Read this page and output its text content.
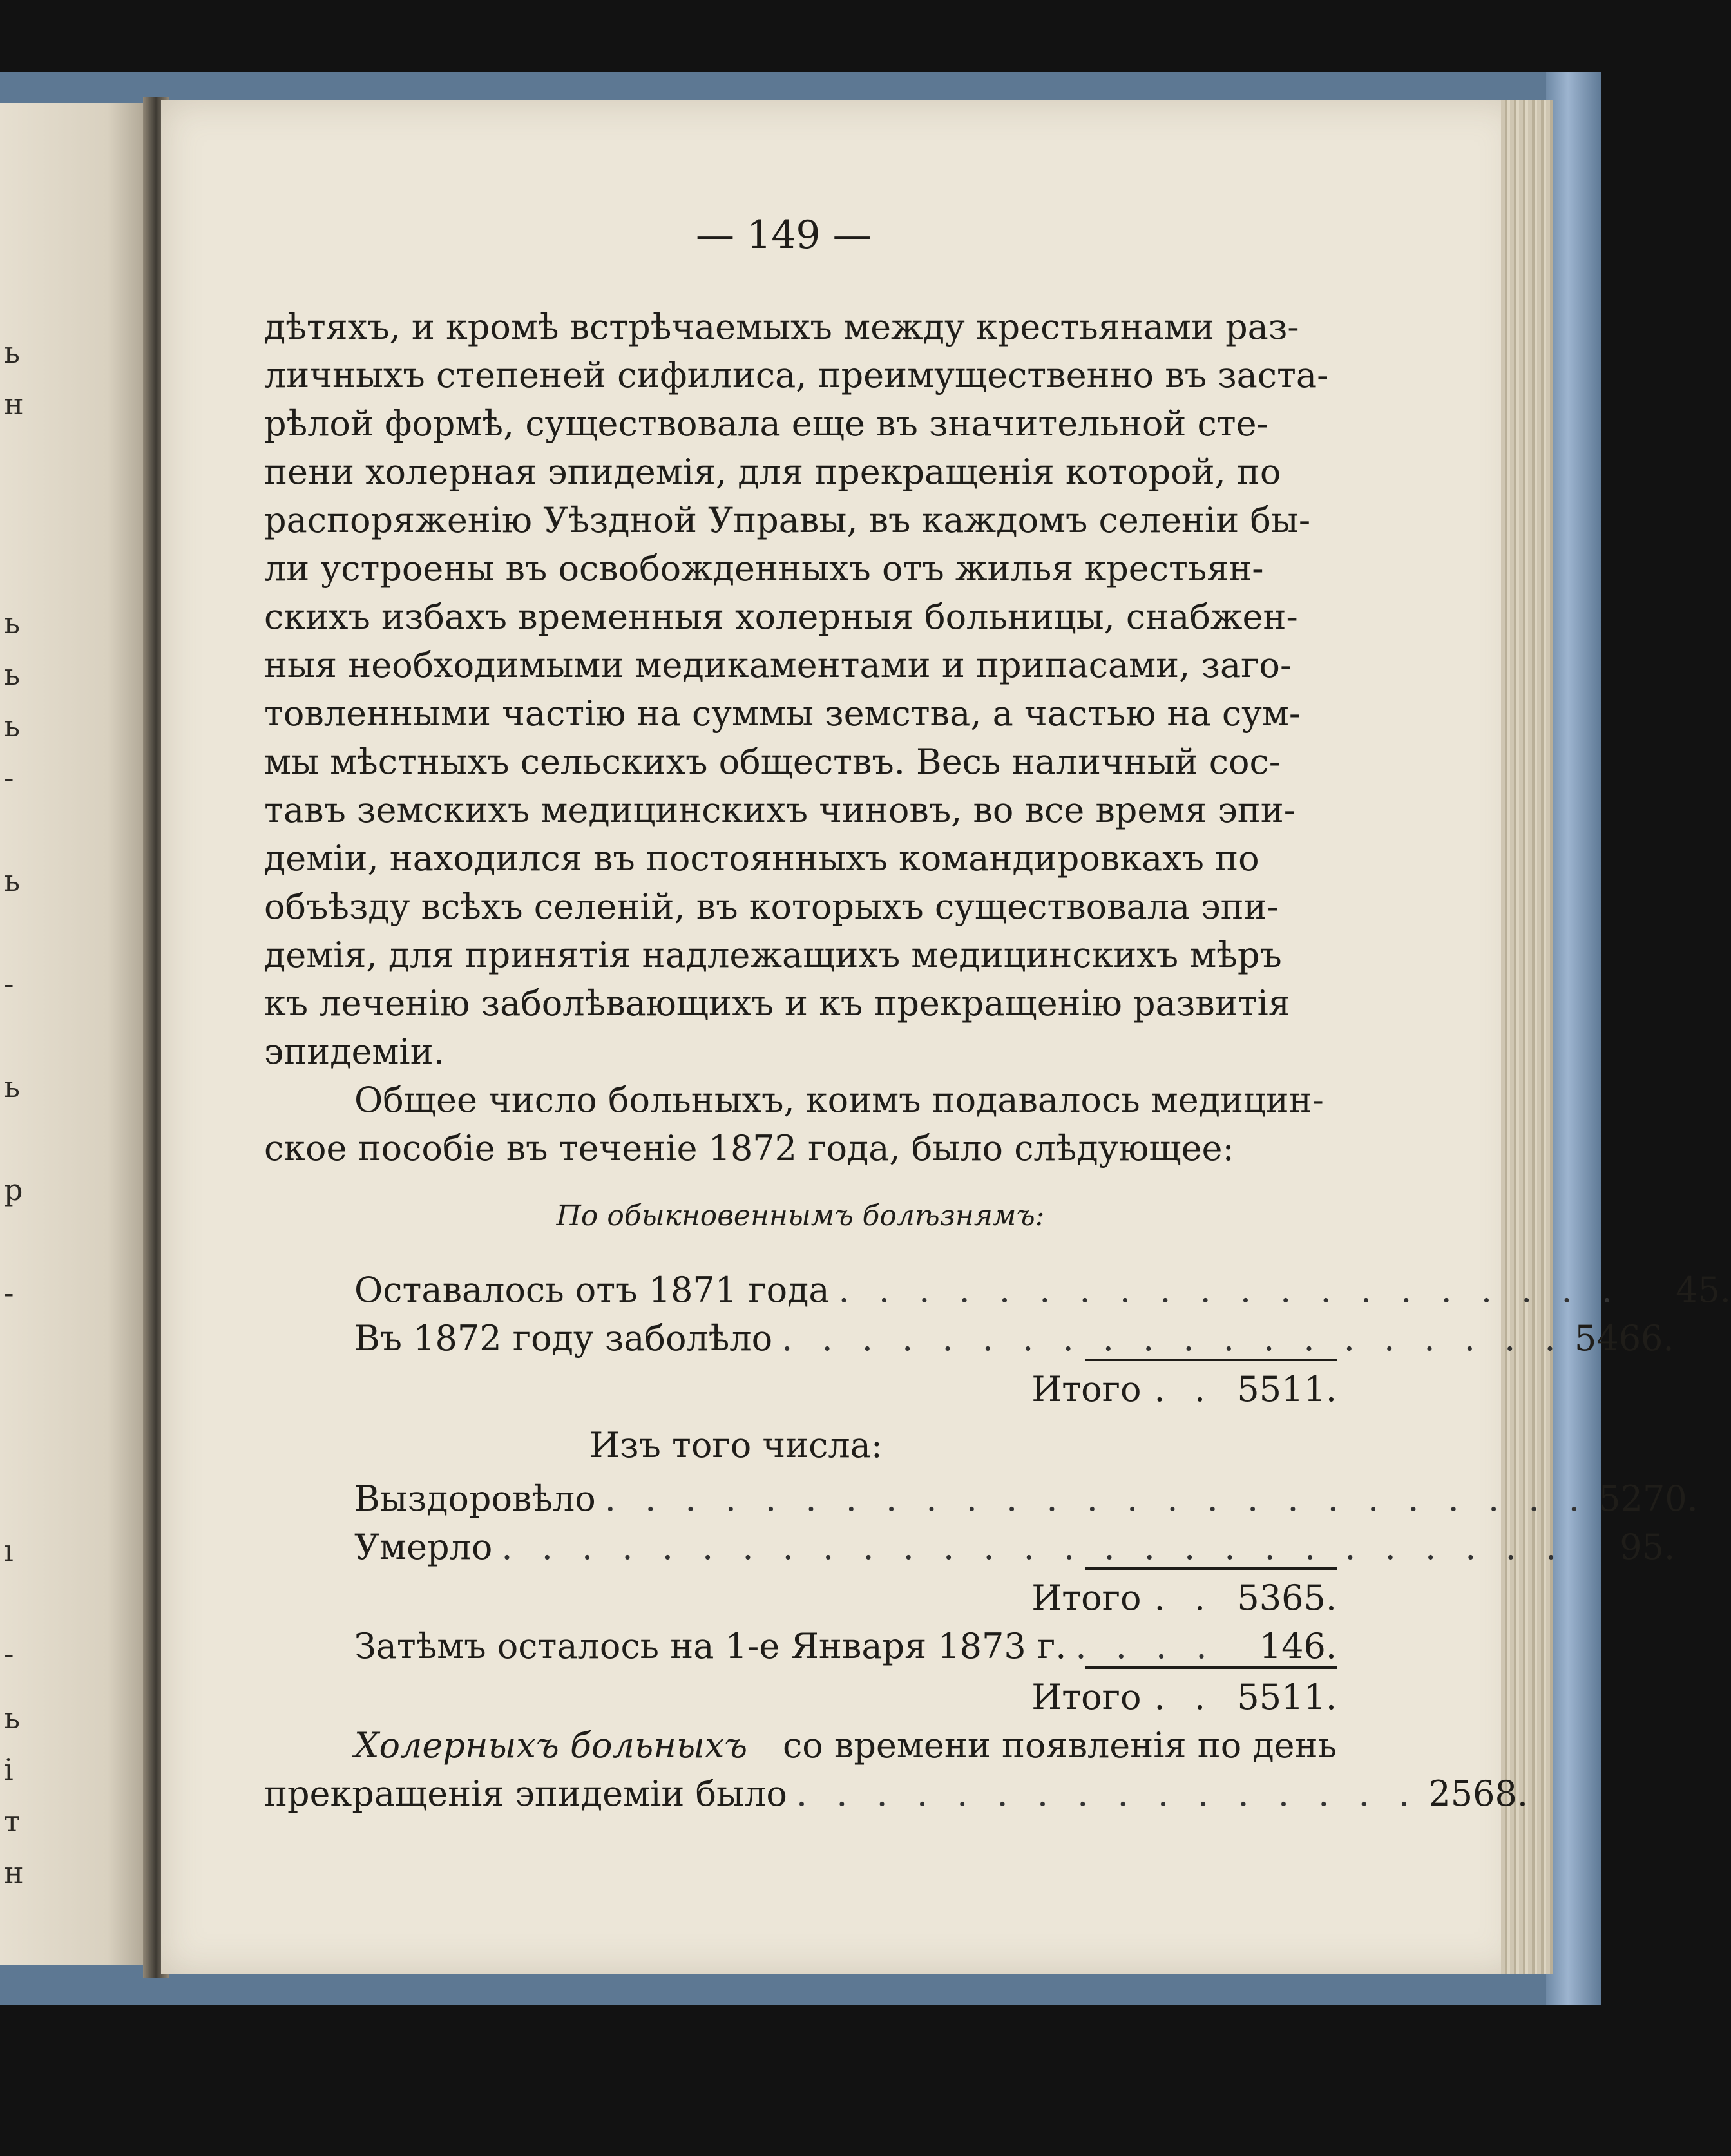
ь
н
ь
ь
ь
-
ь
-
ь
р
-
ı
-
ь
і
т
н
— 149 —
дѣтяхъ, и кромѣ встрѣчаемыхъ между крестьянами раз-
личныхъ степеней сифилиса, преимущественно въ заста-
рѣлой формѣ, существовала еще въ значительной сте-
пени холерная эпидемія, для прекращенія которой, по
распоряженію Уѣздной Управы, въ каждомъ селеніи бы-
ли устроены въ освобожденныхъ отъ жилья крестьян-
скихъ избахъ временныя холерныя больницы, снабжен-
ныя необходимыми медикаментами и припасами, заго-
товленными частію на суммы земства, а частью на сум-
мы мѣстныхъ сельскихъ обществъ. Весь наличный сос-
тавъ земскихъ медицинскихъ чиновъ, во все время эпи-
деміи, находился въ постоянныхъ командировкахъ по
объѣзду всѣхъ селеній, въ которыхъ существовала эпи-
демія, для принятія надлежащихъ медицинскихъ мѣръ
къ леченію заболѣвающихъ и къ прекращенію развитія
эпидеміи.
Общее число больныхъ, коимъ подавалось медицин-
ское пособіе въ теченіе 1872 года, было слѣдующее:
По обыкновеннымъ болѣзнямъ:
Оставалось отъ 1871 года . . . . . . . . . . . . . . . . . . . .	45.
Въ 1872 году заболѣло . . . . . . . . . . . . . . . . . . . . 5466.
Итого . . 5511.
Изъ того числа:
Выздоровѣло . . . . . . . . . . . . . . . . . . . . . . . . . 5270.
Умерло . . . . . . . . . . . . . . . . . . . . . . . . . . .	95.
Итого . . 5365.
Затѣмъ осталось на 1-е Января 1873 г. . . . .	146.
Итого . . 5511.
Холерныхъ больныхъ со времени появленія по день
прекращенія эпидеміи было . . . . . . . . . . . . . . . . 2568.
